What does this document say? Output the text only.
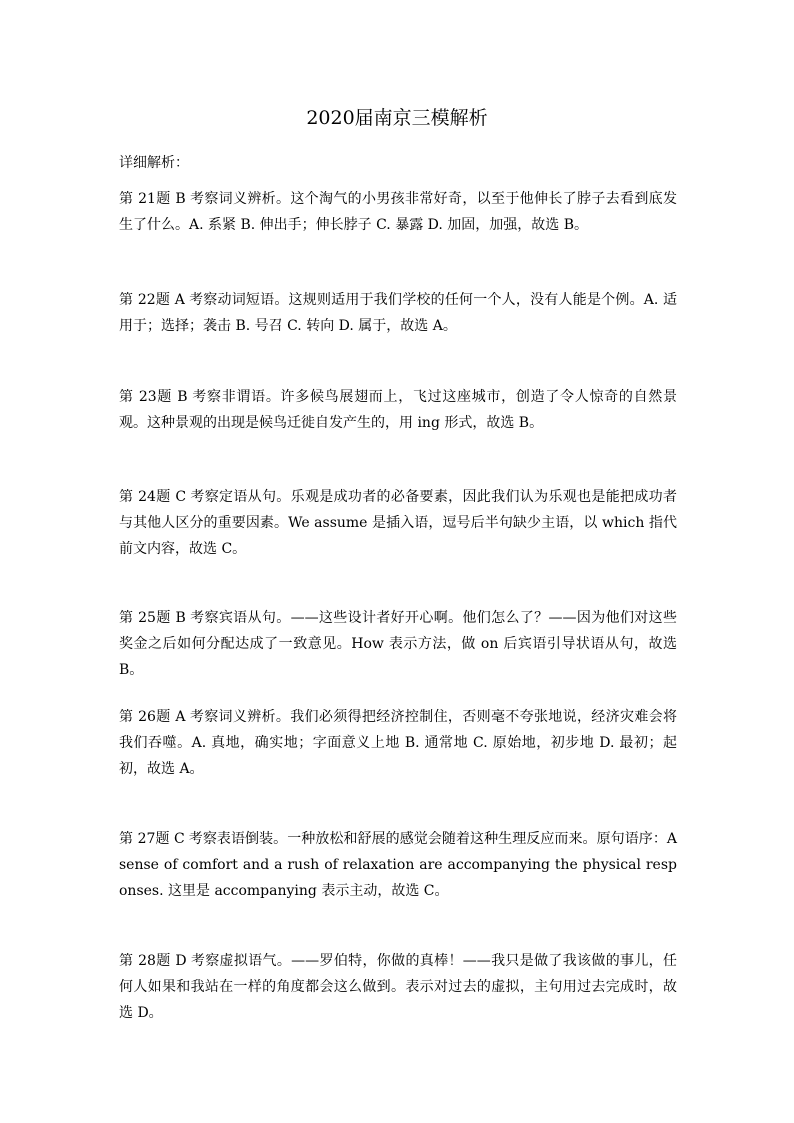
2020届南京三模解析

详细解析：

第 21题 B 考察词义辨析。这个淘气的小男孩非常好奇，以至于他伸长了脖子去看到底发生了什么。A. 系紧 B. 伸出手；伸长脖子 C. 暴露 D. 加固，加强，故选 B。

第 22题 A 考察动词短语。这规则适用于我们学校的任何一个人，没有人能是个例。A. 适用于；选择；袭击 B. 号召 C. 转向 D. 属于，故选 A。

第 23题 B 考察非谓语。许多候鸟展翅而上，飞过这座城市，创造了令人惊奇的自然景观。这种景观的出现是候鸟迁徙自发产生的，用 ing 形式，故选 B。

第 24题 C 考察定语从句。乐观是成功者的必备要素，因此我们认为乐观也是能把成功者与其他人区分的重要因素。We assume 是插入语，逗号后半句缺少主语，以 which 指代前文内容，故选 C。

第 25题 B 考察宾语从句。——这些设计者好开心啊。他们怎么了？——因为他们对这些奖金之后如何分配达成了一致意见。How 表示方法，做 on 后宾语引导状语从句，故选 B。

第 26题 A 考察词义辨析。我们必须得把经济控制住，否则毫不夸张地说，经济灾难会将我们吞噬。A. 真地，确实地；字面意义上地 B. 通常地 C. 原始地，初步地 D. 最初；起初，故选 A。

第 27题 C 考察表语倒装。一种放松和舒展的感觉会随着这种生理反应而来。原句语序：A sense of comfort and a rush of relaxation are accompanying the physical responses. 这里是 accompanying 表示主动，故选 C。

第 28题 D 考察虚拟语气。——罗伯特，你做的真棒！——我只是做了我该做的事儿，任何人如果和我站在一样的角度都会这么做到。表示对过去的虚拟，主句用过去完成时，故选 D。
